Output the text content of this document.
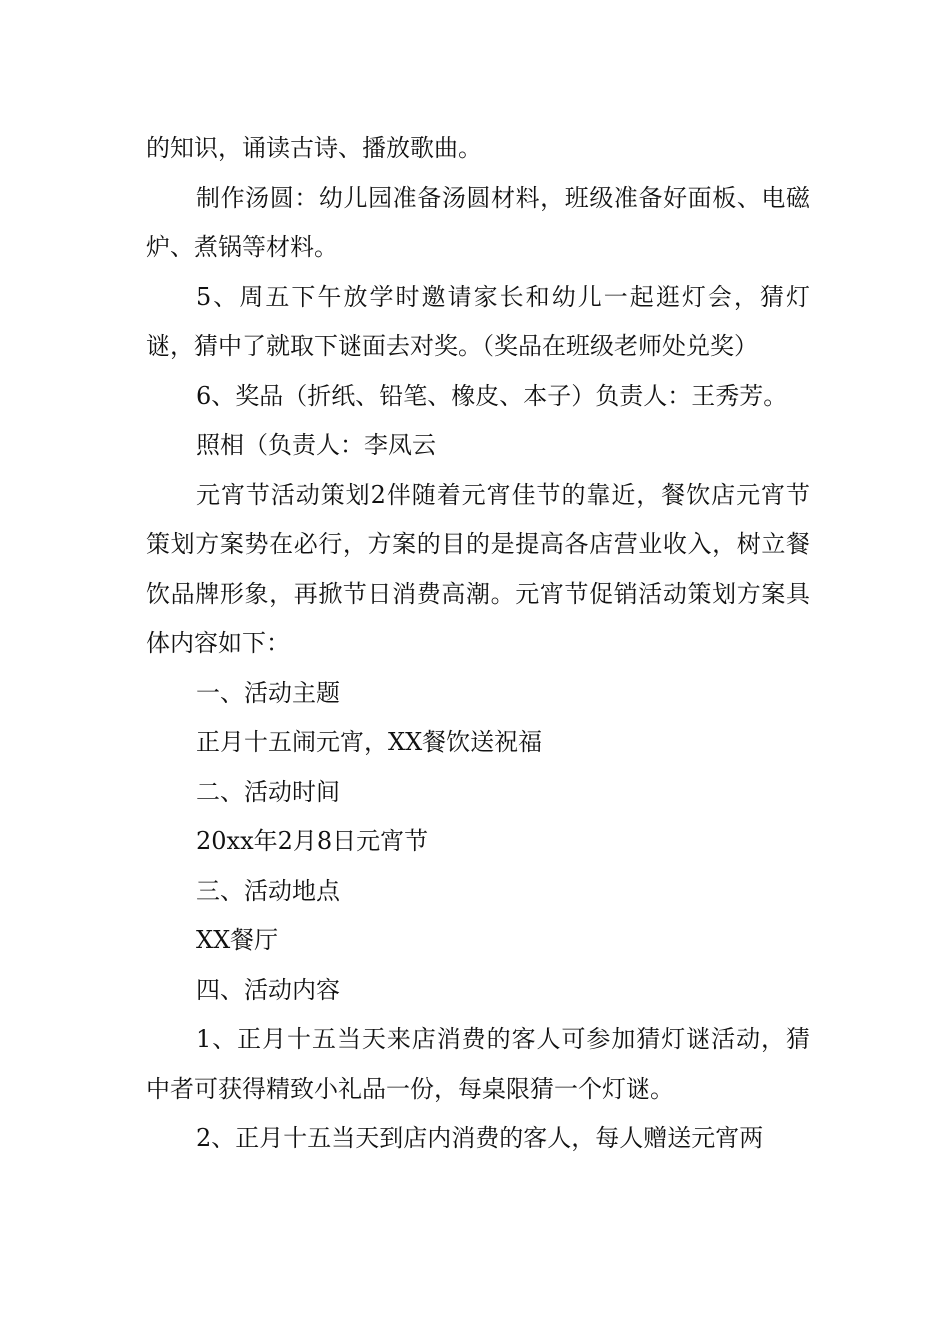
的知识，诵读古诗、播放歌曲。

制作汤圆：幼儿园准备汤圆材料，班级准备好面板、电磁炉、煮锅等材料。

5、周五下午放学时邀请家长和幼儿一起逛灯会，猜灯谜，猜中了就取下谜面去对奖。（奖品在班级老师处兑奖）

6、奖品（折纸、铅笔、橡皮、本子）负责人：王秀芳。

照相（负责人：李凤云

元宵节活动策划2伴随着元宵佳节的靠近，餐饮店元宵节策划方案势在必行，方案的目的是提高各店营业收入，树立餐饮品牌形象，再掀节日消费高潮。元宵节促销活动策划方案具体内容如下：

一、活动主题

正月十五闹元宵，XX餐饮送祝福

二、活动时间

20xx年2月8日元宵节

三、活动地点

XX餐厅

四、活动内容

1、正月十五当天来店消费的客人可参加猜灯谜活动，猜中者可获得精致小礼品一份，每桌限猜一个灯谜。

2、正月十五当天到店内消费的客人，每人赠送元宵两
